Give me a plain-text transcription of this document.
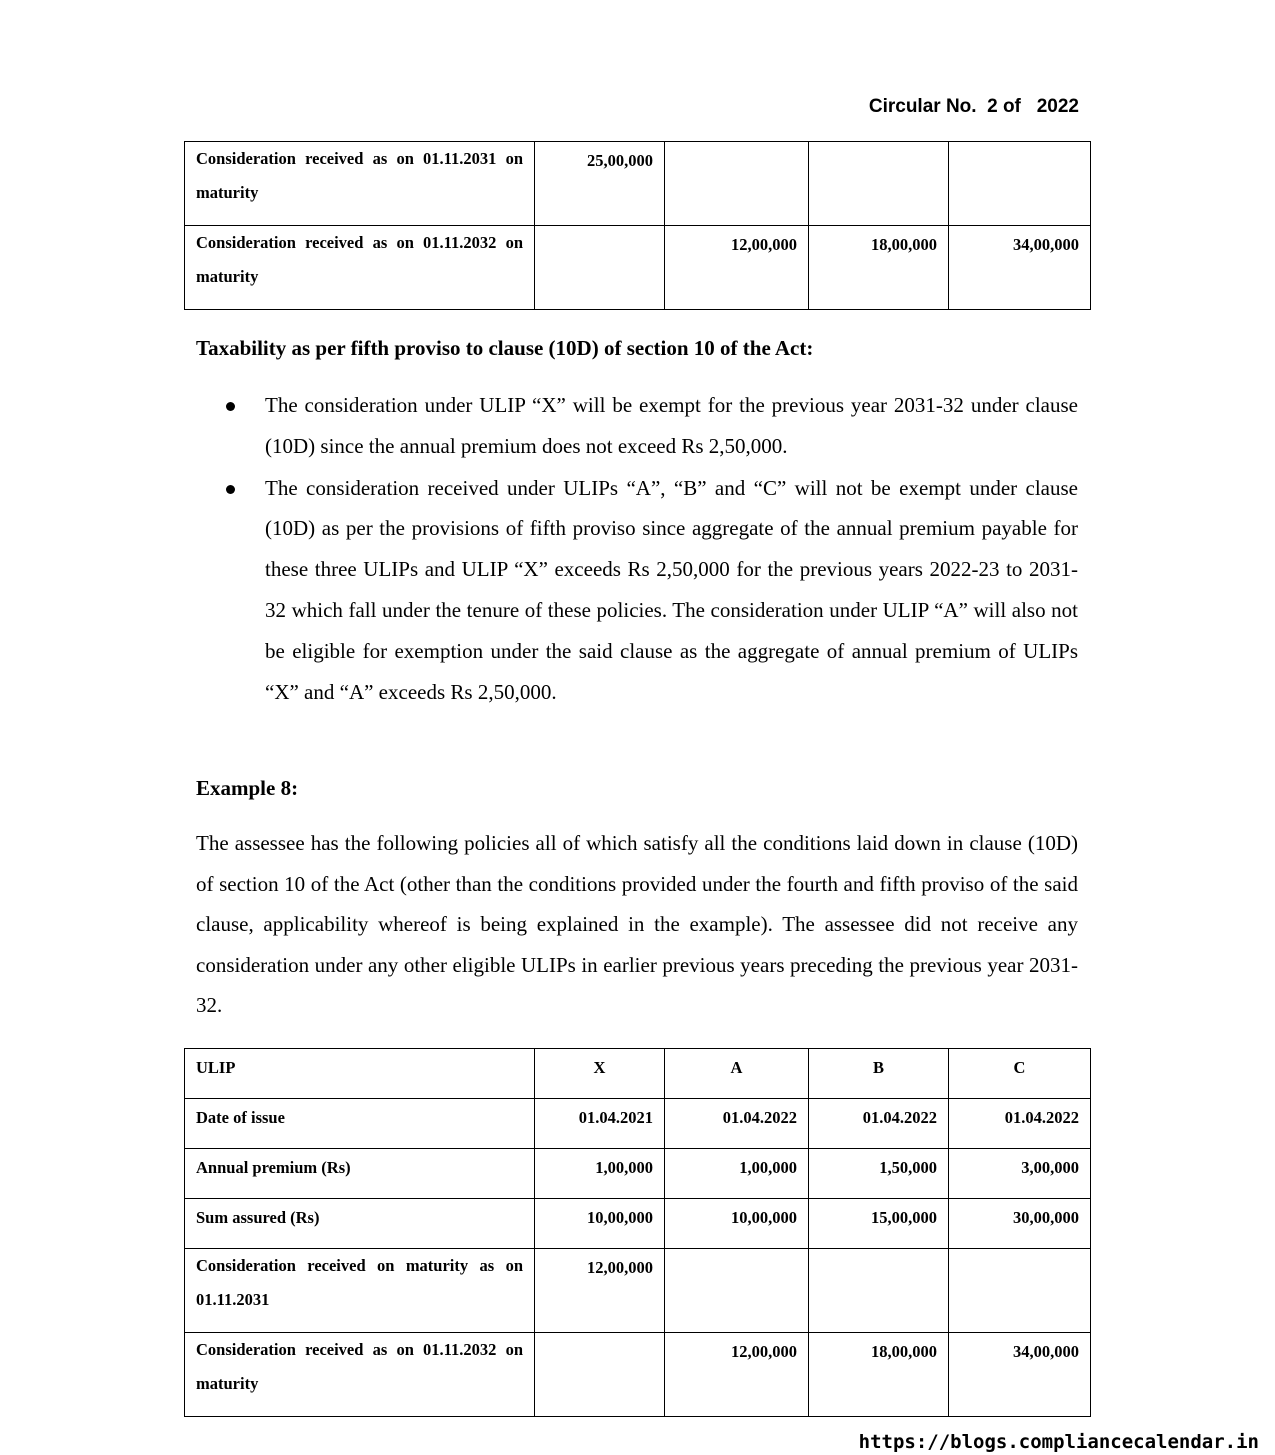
Circular No.  2 of   2022
Consideration received as on 01.11.2031 on maturity	25,00,000			
Consideration received as on 01.11.2032 on maturity		12,00,000	18,00,000	34,00,000
Taxability as per fifth proviso to clause (10D) of section 10 of the Act:
The consideration under ULIP “X” will be exempt for the previous year 2031-32 under clause (10D) since the annual premium does not exceed Rs 2,50,000.
The consideration received under ULIPs “A”, “B” and “C” will not be exempt under clause (10D) as per the provisions of fifth proviso since aggregate of the annual premium payable for these three ULIPs and ULIP “X” exceeds Rs 2,50,000 for the previous years 2022-23 to 2031-32 which fall under the tenure of these policies. The consideration under ULIP “A” will also not be eligible for exemption under the said clause as the aggregate of annual premium of ULIPs “X” and “A” exceeds Rs 2,50,000.
Example 8:

The assessee has the following policies all of which satisfy all the conditions laid down in clause (10D) of section 10 of the Act (other than the conditions provided under the fourth and fifth proviso of the said clause, applicability whereof is being explained in the example). The assessee did not receive any consideration under any other eligible ULIPs in earlier previous years preceding the previous year 2031-32.

ULIP	X	A	B	C
Date of issue	01.04.2021	01.04.2022	01.04.2022	01.04.2022
Annual premium (Rs)	1,00,000	1,00,000	1,50,000	3,00,000
Sum assured (Rs)	10,00,000	10,00,000	15,00,000	30,00,000
Consideration received on maturity as on 01.11.2031	12,00,000			
Consideration received as on 01.11.2032 on maturity		12,00,000	18,00,000	34,00,000
https://blogs.compliancecalendar.in
